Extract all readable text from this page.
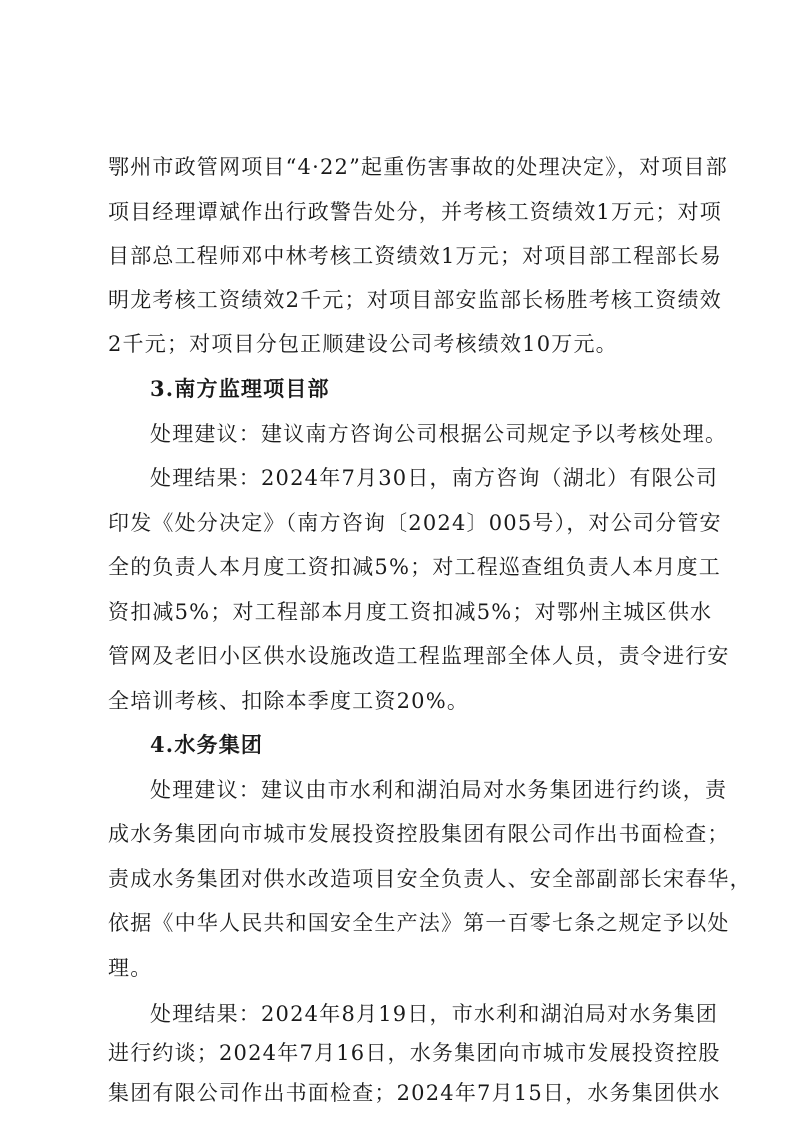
鄂州市政管网项目“4·22”起重伤害事故的处理决定》，对项目部
项目经理谭斌作出行政警告处分，并考核工资绩效1万元；对项
目部总工程师邓中林考核工资绩效1万元；对项目部工程部长易
明龙考核工资绩效2千元；对项目部安监部长杨胜考核工资绩效
2千元；对项目分包正顺建设公司考核绩效10万元。
3.南方监理项目部
处理建议：建议南方咨询公司根据公司规定予以考核处理。
处理结果：2024年7月30日，南方咨询（湖北）有限公司
印发《处分决定》（南方咨询〔2024〕005号），对公司分管安
全的负责人本月度工资扣减5%；对工程巡查组负责人本月度工
资扣减5%；对工程部本月度工资扣减5%；对鄂州主城区供水
管网及老旧小区供水设施改造工程监理部全体人员，责令进行安
全培训考核、扣除本季度工资20%。
4.水务集团
处理建议：建议由市水利和湖泊局对水务集团进行约谈，责
成水务集团向市城市发展投资控股集团有限公司作出书面检查；
责成水务集团对供水改造项目安全负责人、安全部副部长宋春华，
依据《中华人民共和国安全生产法》第一百零七条之规定予以处
理。
处理结果：2024年8月19日，市水利和湖泊局对水务集团
进行约谈；2024年7月16日，水务集团向市城市发展投资控股
集团有限公司作出书面检查；2024年7月15日，水务集团供水
